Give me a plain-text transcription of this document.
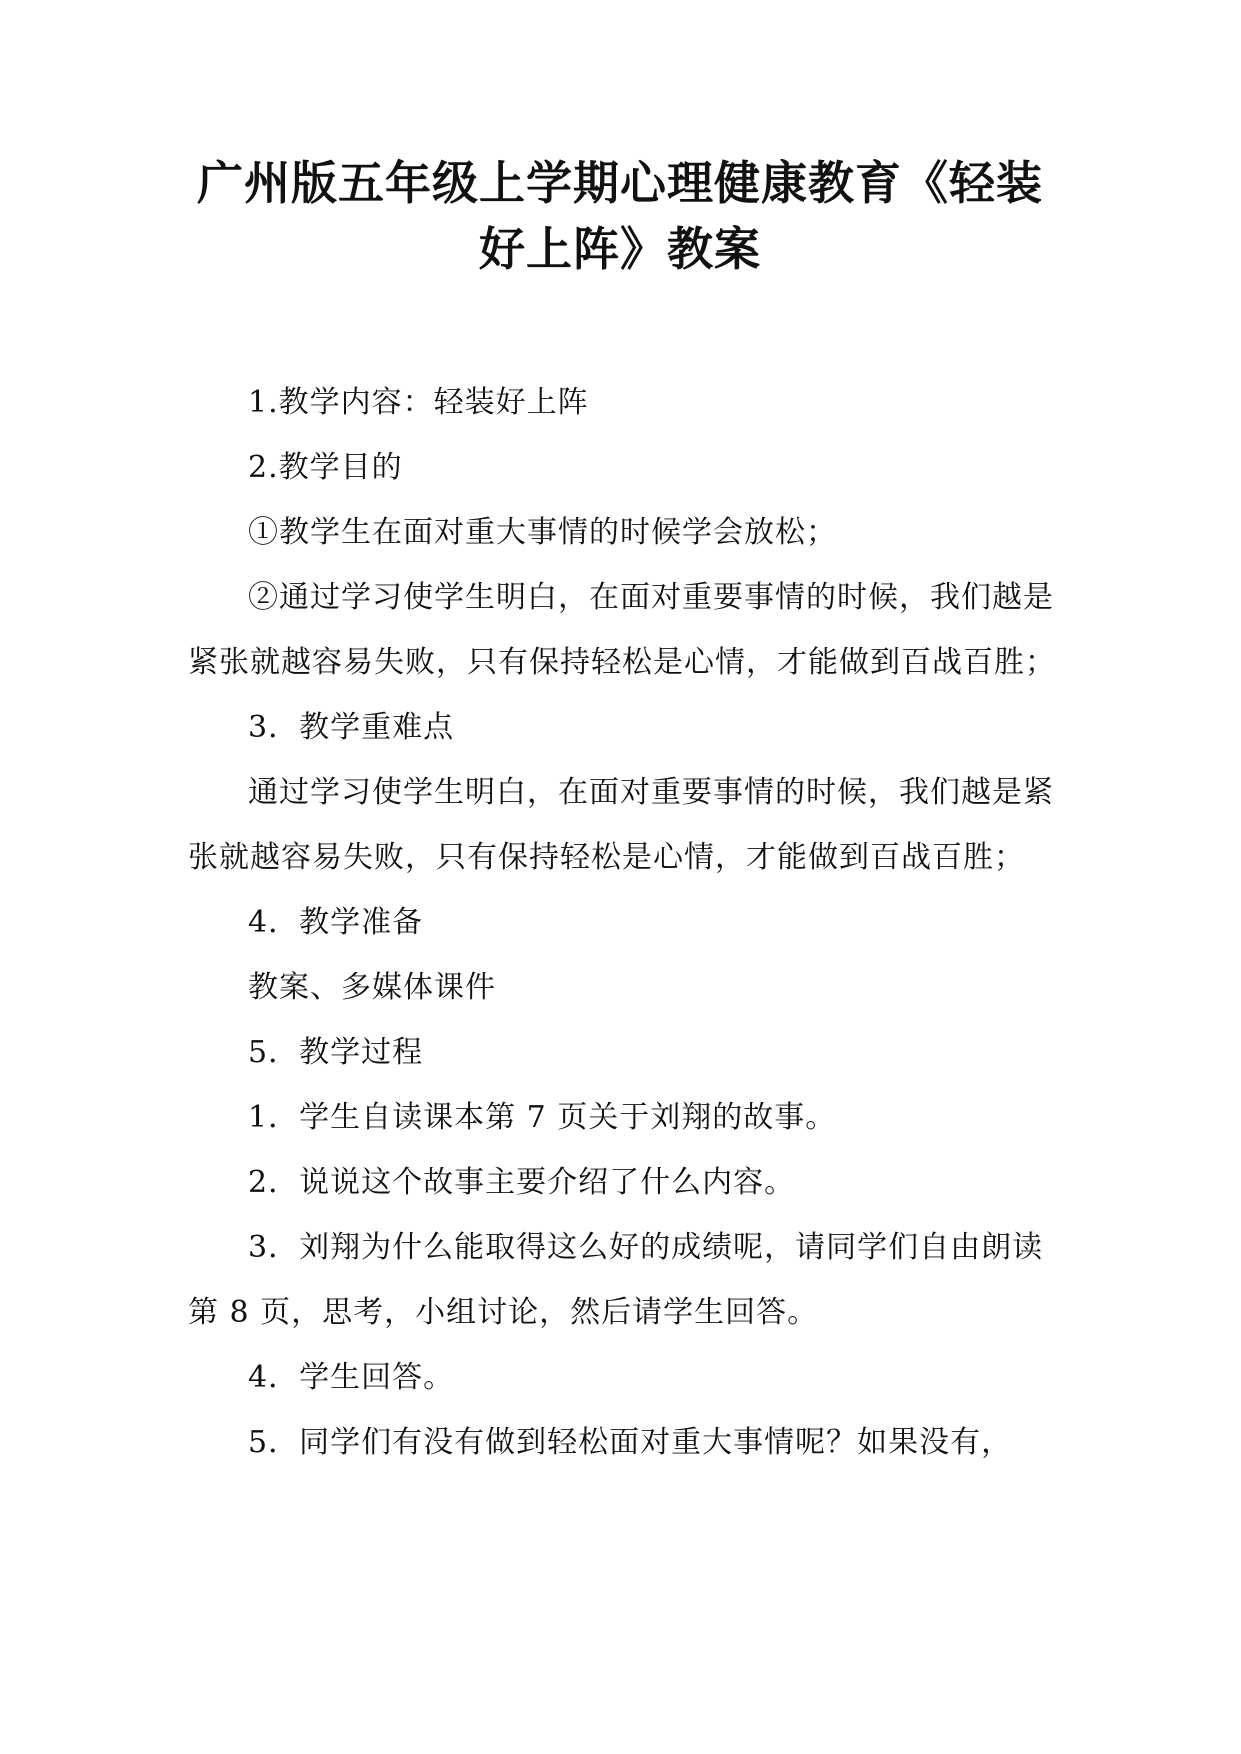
广州版五年级上学期心理健康教育《轻装好上阵》教案

1.教学内容：轻装好上阵

2.教学目的

①教学生在面对重大事情的时候学会放松；

②通过学习使学生明白，在面对重要事情的时候，我们越是紧张就越容易失败，只有保持轻松是心情，才能做到百战百胜；

3．教学重难点

通过学习使学生明白，在面对重要事情的时候，我们越是紧张就越容易失败，只有保持轻松是心情，才能做到百战百胜；

4．教学准备

教案、多媒体课件

5．教学过程

1．学生自读课本第 7 页关于刘翔的故事。

2．说说这个故事主要介绍了什么内容。

3．刘翔为什么能取得这么好的成绩呢，请同学们自由朗读第 8 页，思考，小组讨论，然后请学生回答。

4．学生回答。

5．同学们有没有做到轻松面对重大事情呢？如果没有，
